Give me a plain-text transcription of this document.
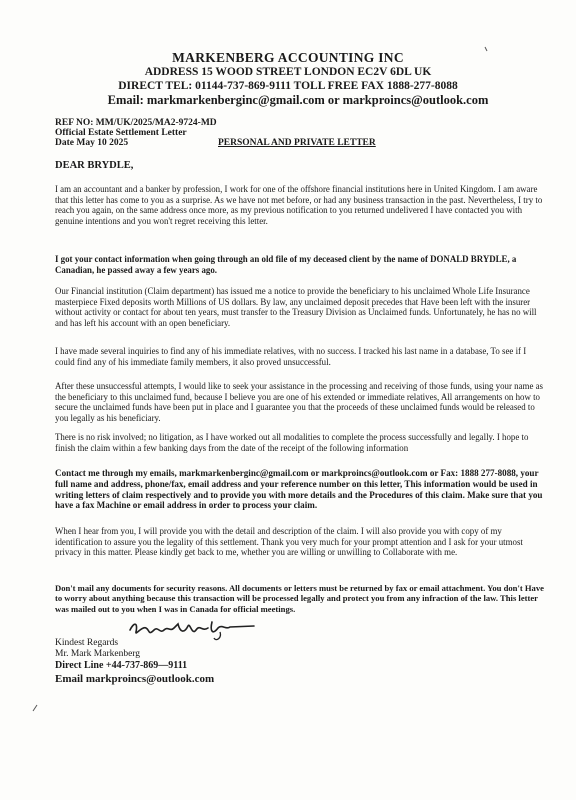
MARKENBERG ACCOUNTING INC
ADDRESS 15 WOOD STREET LONDON EC2V 6DL UK
DIRECT TEL: 01144-737-869-9111 TOLL FREE FAX 1888-277-8088
Email: markmarkenberginc@gmail.com or markproincs@outlook.com
REF NO: MM/UK/2025/MA2-9724-MD
Official Estate Settlement Letter
Date May 10 2025	PERSONAL AND PRIVATE LETTER
DEAR BRYDLE,

I am an accountant and a banker by profession, I work for one of the offshore financial institutions here in United Kingdom. I am aware that this letter has come to you as a surprise. As we have not met before, or had any business transaction in the past. Nevertheless, I try to reach you again, on the same address once more, as my previous notification to you returned undelivered I have contacted you with genuine intentions and you won't regret receiving this letter.

I got your contact information when going through an old file of my deceased client by the name of DONALD BRYDLE, a Canadian, he passed away a few years ago.

Our Financial institution (Claim department) has issued me a notice to provide the beneficiary to his unclaimed Whole Life Insurance masterpiece Fixed deposits worth Millions of US dollars. By law, any unclaimed deposit precedes that Have been left with the insurer without activity or contact for about ten years, must transfer to the Treasury Division as Unclaimed funds. Unfortunately, he has no will and has left his account with an open beneficiary.

I have made several inquiries to find any of his immediate relatives, with no success. I tracked his last name in a database, To see if I could find any of his immediate family members, it also proved unsuccessful.

After these unsuccessful attempts, I would like to seek your assistance in the processing and receiving of those funds, using your name as the beneficiary to this unclaimed fund, because I believe you are one of his extended or immediate relatives, All arrangements on how to secure the unclaimed funds have been put in place and I guarantee you that the proceeds of these unclaimed funds would be released to you legally as his beneficiary.

There is no risk involved; no litigation, as I have worked out all modalities to complete the process successfully and legally. I hope to finish the claim within a few banking days from the date of the receipt of the following information

Contact me through my emails, markmarkenberginc@gmail.com or markproincs@outlook.com or Fax: 1888 277-8088, your full name and address, phone/fax, email address and your reference number on this letter, This information would be used in writing letters of claim respectively and to provide you with more details and the Procedures of this claim. Make sure that you have a fax Machine or email address in order to process your claim.

When I hear from you, I will provide you with the detail and description of the claim. I will also provide you with copy of my identification to assure you the legality of this settlement. Thank you very much for your prompt attention and I ask for your utmost privacy in this matter. Please kindly get back to me, whether you are willing or unwilling to Collaborate with me.

Don't mail any documents for security reasons. All documents or letters must be returned by fax or email attachment. You don't Have to worry about anything because this transaction will be processed legally and protect you from any infraction of the law. This letter was mailed out to you when I was in Canada for official meetings.

Kindest Regards
Mr. Mark Markenberg
Direct Line +44-737-869—9111
Email markproincs@outlook.com
